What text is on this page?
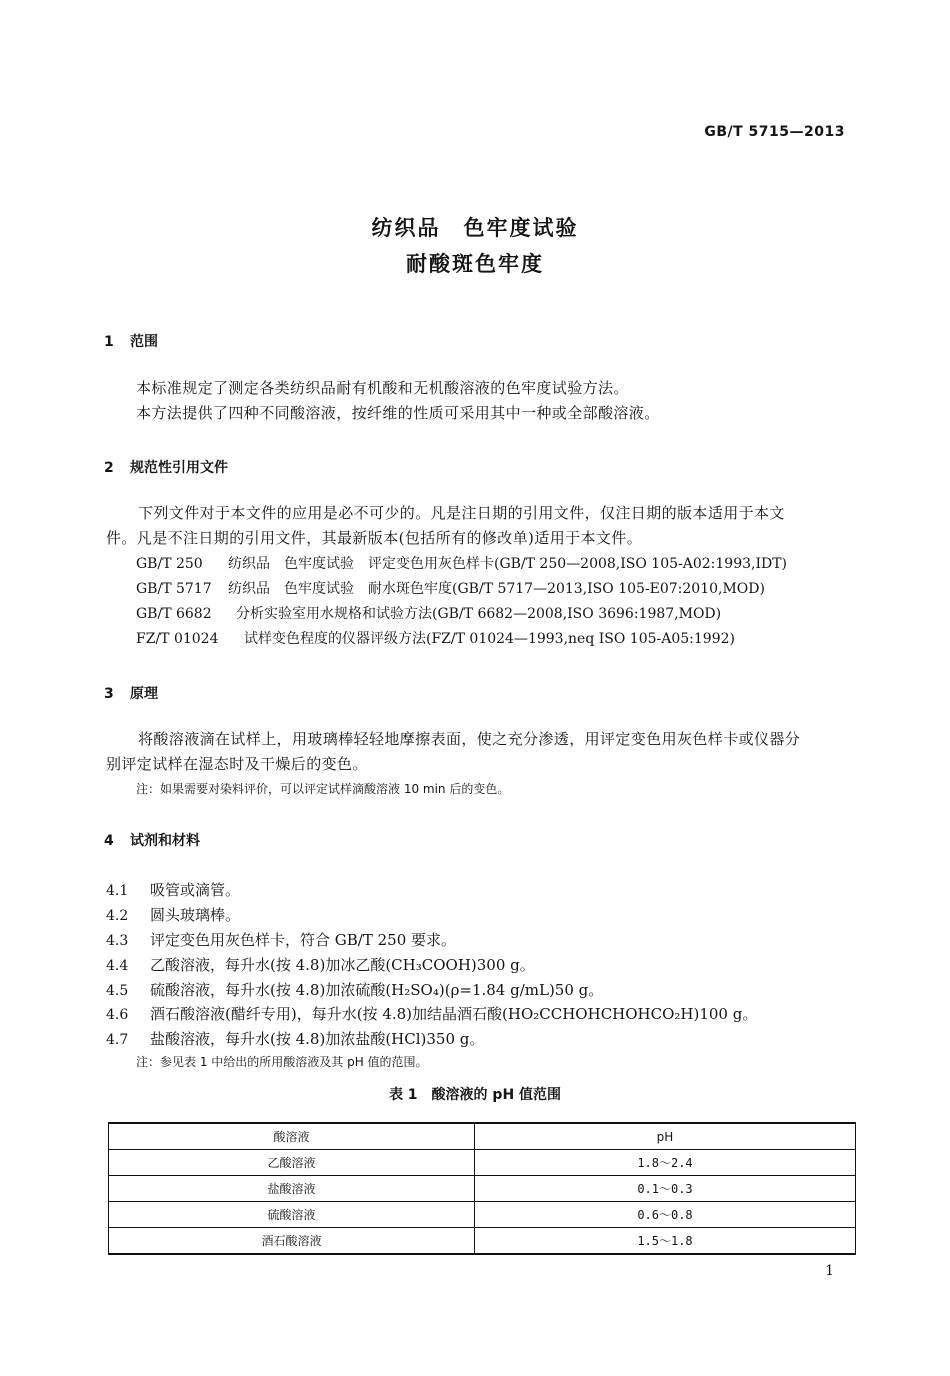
GB/T 5715—2013
纺织品　色牢度试验
耐酸斑色牢度
1 范围
本标准规定了测定各类纺织品耐有机酸和无机酸溶液的色牢度试验方法。
本方法提供了四种不同酸溶液，按纤维的性质可采用其中一种或全部酸溶液。
2 规范性引用文件
下列文件对于本文件的应用是必不可少的。凡是注日期的引用文件，仅注日期的版本适用于本文
件。凡是不注日期的引用文件，其最新版本(包括所有的修改单)适用于本文件。
GB/T 250 纺织品　色牢度试验　评定变色用灰色样卡(GB/T 250—2008,ISO 105-A02:1993,IDT)
GB/T 5717 纺织品　色牢度试验　耐水斑色牢度(GB/T 5717—2013,ISO 105-E07:2010,MOD)
GB/T 6682 分析实验室用水规格和试验方法(GB/T 6682—2008,ISO 3696:1987,MOD)
FZ/T 01024 试样变色程度的仪器评级方法(FZ/T 01024—1993,neq ISO 105-A05:1992)
3 原理
将酸溶液滴在试样上，用玻璃棒轻轻地摩擦表面，使之充分渗透，用评定变色用灰色样卡或仪器分
别评定试样在湿态时及干燥后的变色。
注：如果需要对染料评价，可以评定试样滴酸溶液 10 min 后的变色。
4 试剂和材料
4.1 吸管或滴管。
4.2 圆头玻璃棒。
4.3 评定变色用灰色样卡，符合 GB/T 250 要求。
4.4 乙酸溶液，每升水(按 4.8)加冰乙酸(CH₃COOH)300 g。
4.5 硫酸溶液，每升水(按 4.8)加浓硫酸(H₂SO₄)(ρ=1.84 g/mL)50 g。
4.6 酒石酸溶液(醋纤专用)，每升水(按 4.8)加结晶酒石酸(HO₂CCHOHCHOHCO₂H)100 g。
4.7 盐酸溶液，每升水(按 4.8)加浓盐酸(HCl)350 g。
注：参见表 1 中给出的所用酸溶液及其 pH 值的范围。
表 1　酸溶液的 pH 值范围
酸溶液	pH
乙酸溶液	1.8～2.4
盐酸溶液	0.1～0.3
硫酸溶液	0.6～0.8
酒石酸溶液	1.5～1.8
1
